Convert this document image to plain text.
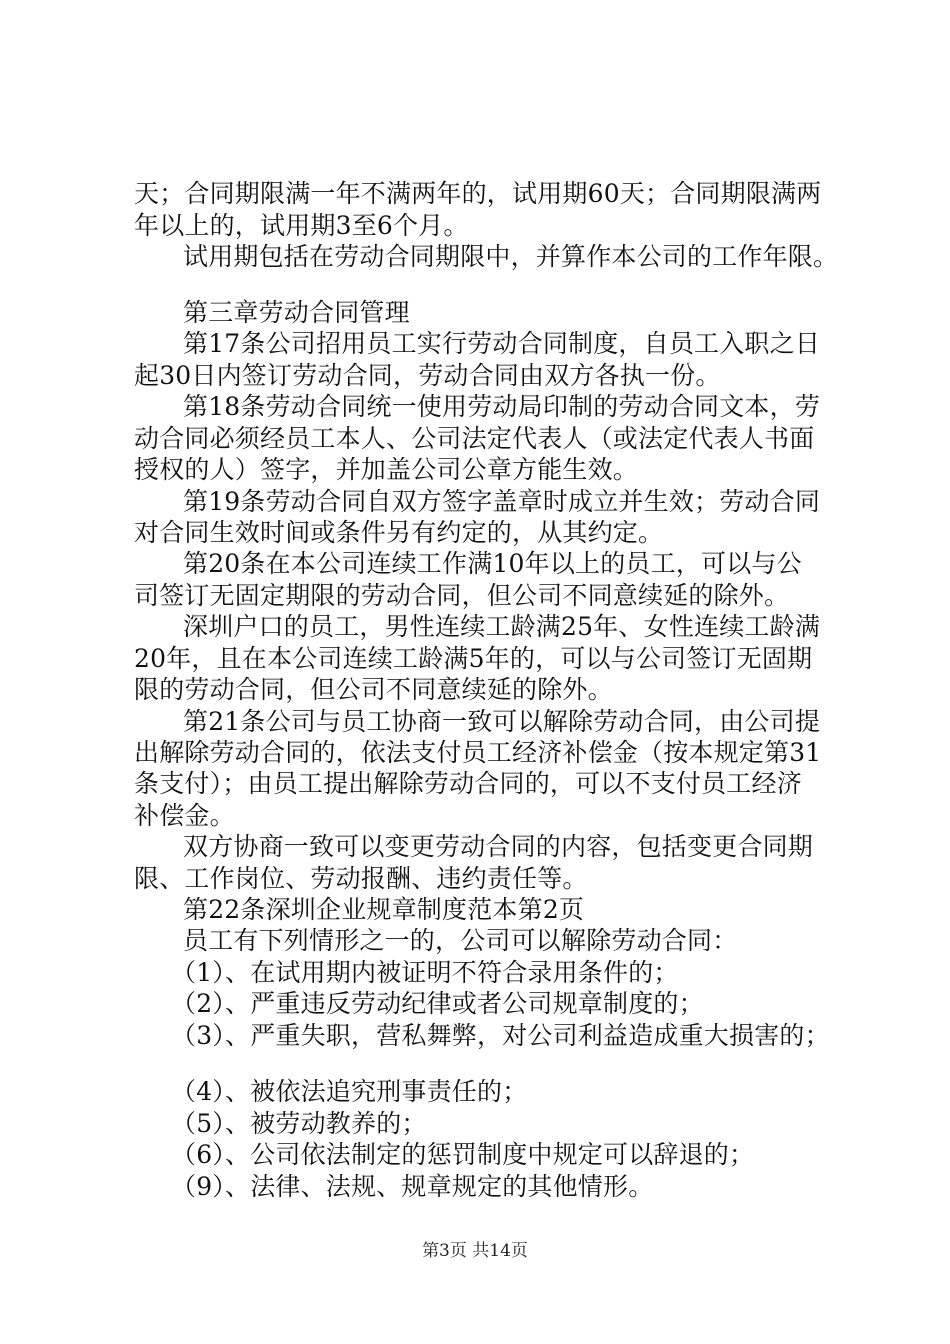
天；合同期限满一年不满两年的，试用期60天；合同期限满两
年以上的，试用期3至6个月。
试用期包括在劳动合同期限中，并算作本公司的工作年限。
第三章劳动合同管理
第17条公司招用员工实行劳动合同制度，自员工入职之日
起30日内签订劳动合同，劳动合同由双方各执一份。
第18条劳动合同统一使用劳动局印制的劳动合同文本，劳
动合同必须经员工本人、公司法定代表人（或法定代表人书面
授权的人）签字，并加盖公司公章方能生效。
第19条劳动合同自双方签字盖章时成立并生效；劳动合同
对合同生效时间或条件另有约定的，从其约定。
第20条在本公司连续工作满10年以上的员工，可以与公
司签订无固定期限的劳动合同，但公司不同意续延的除外。
深圳户口的员工，男性连续工龄满25年、女性连续工龄满
20年，且在本公司连续工龄满5年的，可以与公司签订无固期
限的劳动合同，但公司不同意续延的除外。
第21条公司与员工协商一致可以解除劳动合同，由公司提
出解除劳动合同的，依法支付员工经济补偿金（按本规定第31
条支付）；由员工提出解除劳动合同的，可以不支付员工经济
补偿金。
双方协商一致可以变更劳动合同的内容，包括变更合同期
限、工作岗位、劳动报酬、违约责任等。
第22条深圳企业规章制度范本第2页
员工有下列情形之一的，公司可以解除劳动合同：
（1）、在试用期内被证明不符合录用条件的；
（2）、严重违反劳动纪律或者公司规章制度的；
（3）、严重失职，营私舞弊，对公司利益造成重大损害的；
（4）、被依法追究刑事责任的；
（5）、被劳动教养的；
（6）、公司依法制定的惩罚制度中规定可以辞退的；
（9）、法律、法规、规章规定的其他情形。
第3页 共14页
